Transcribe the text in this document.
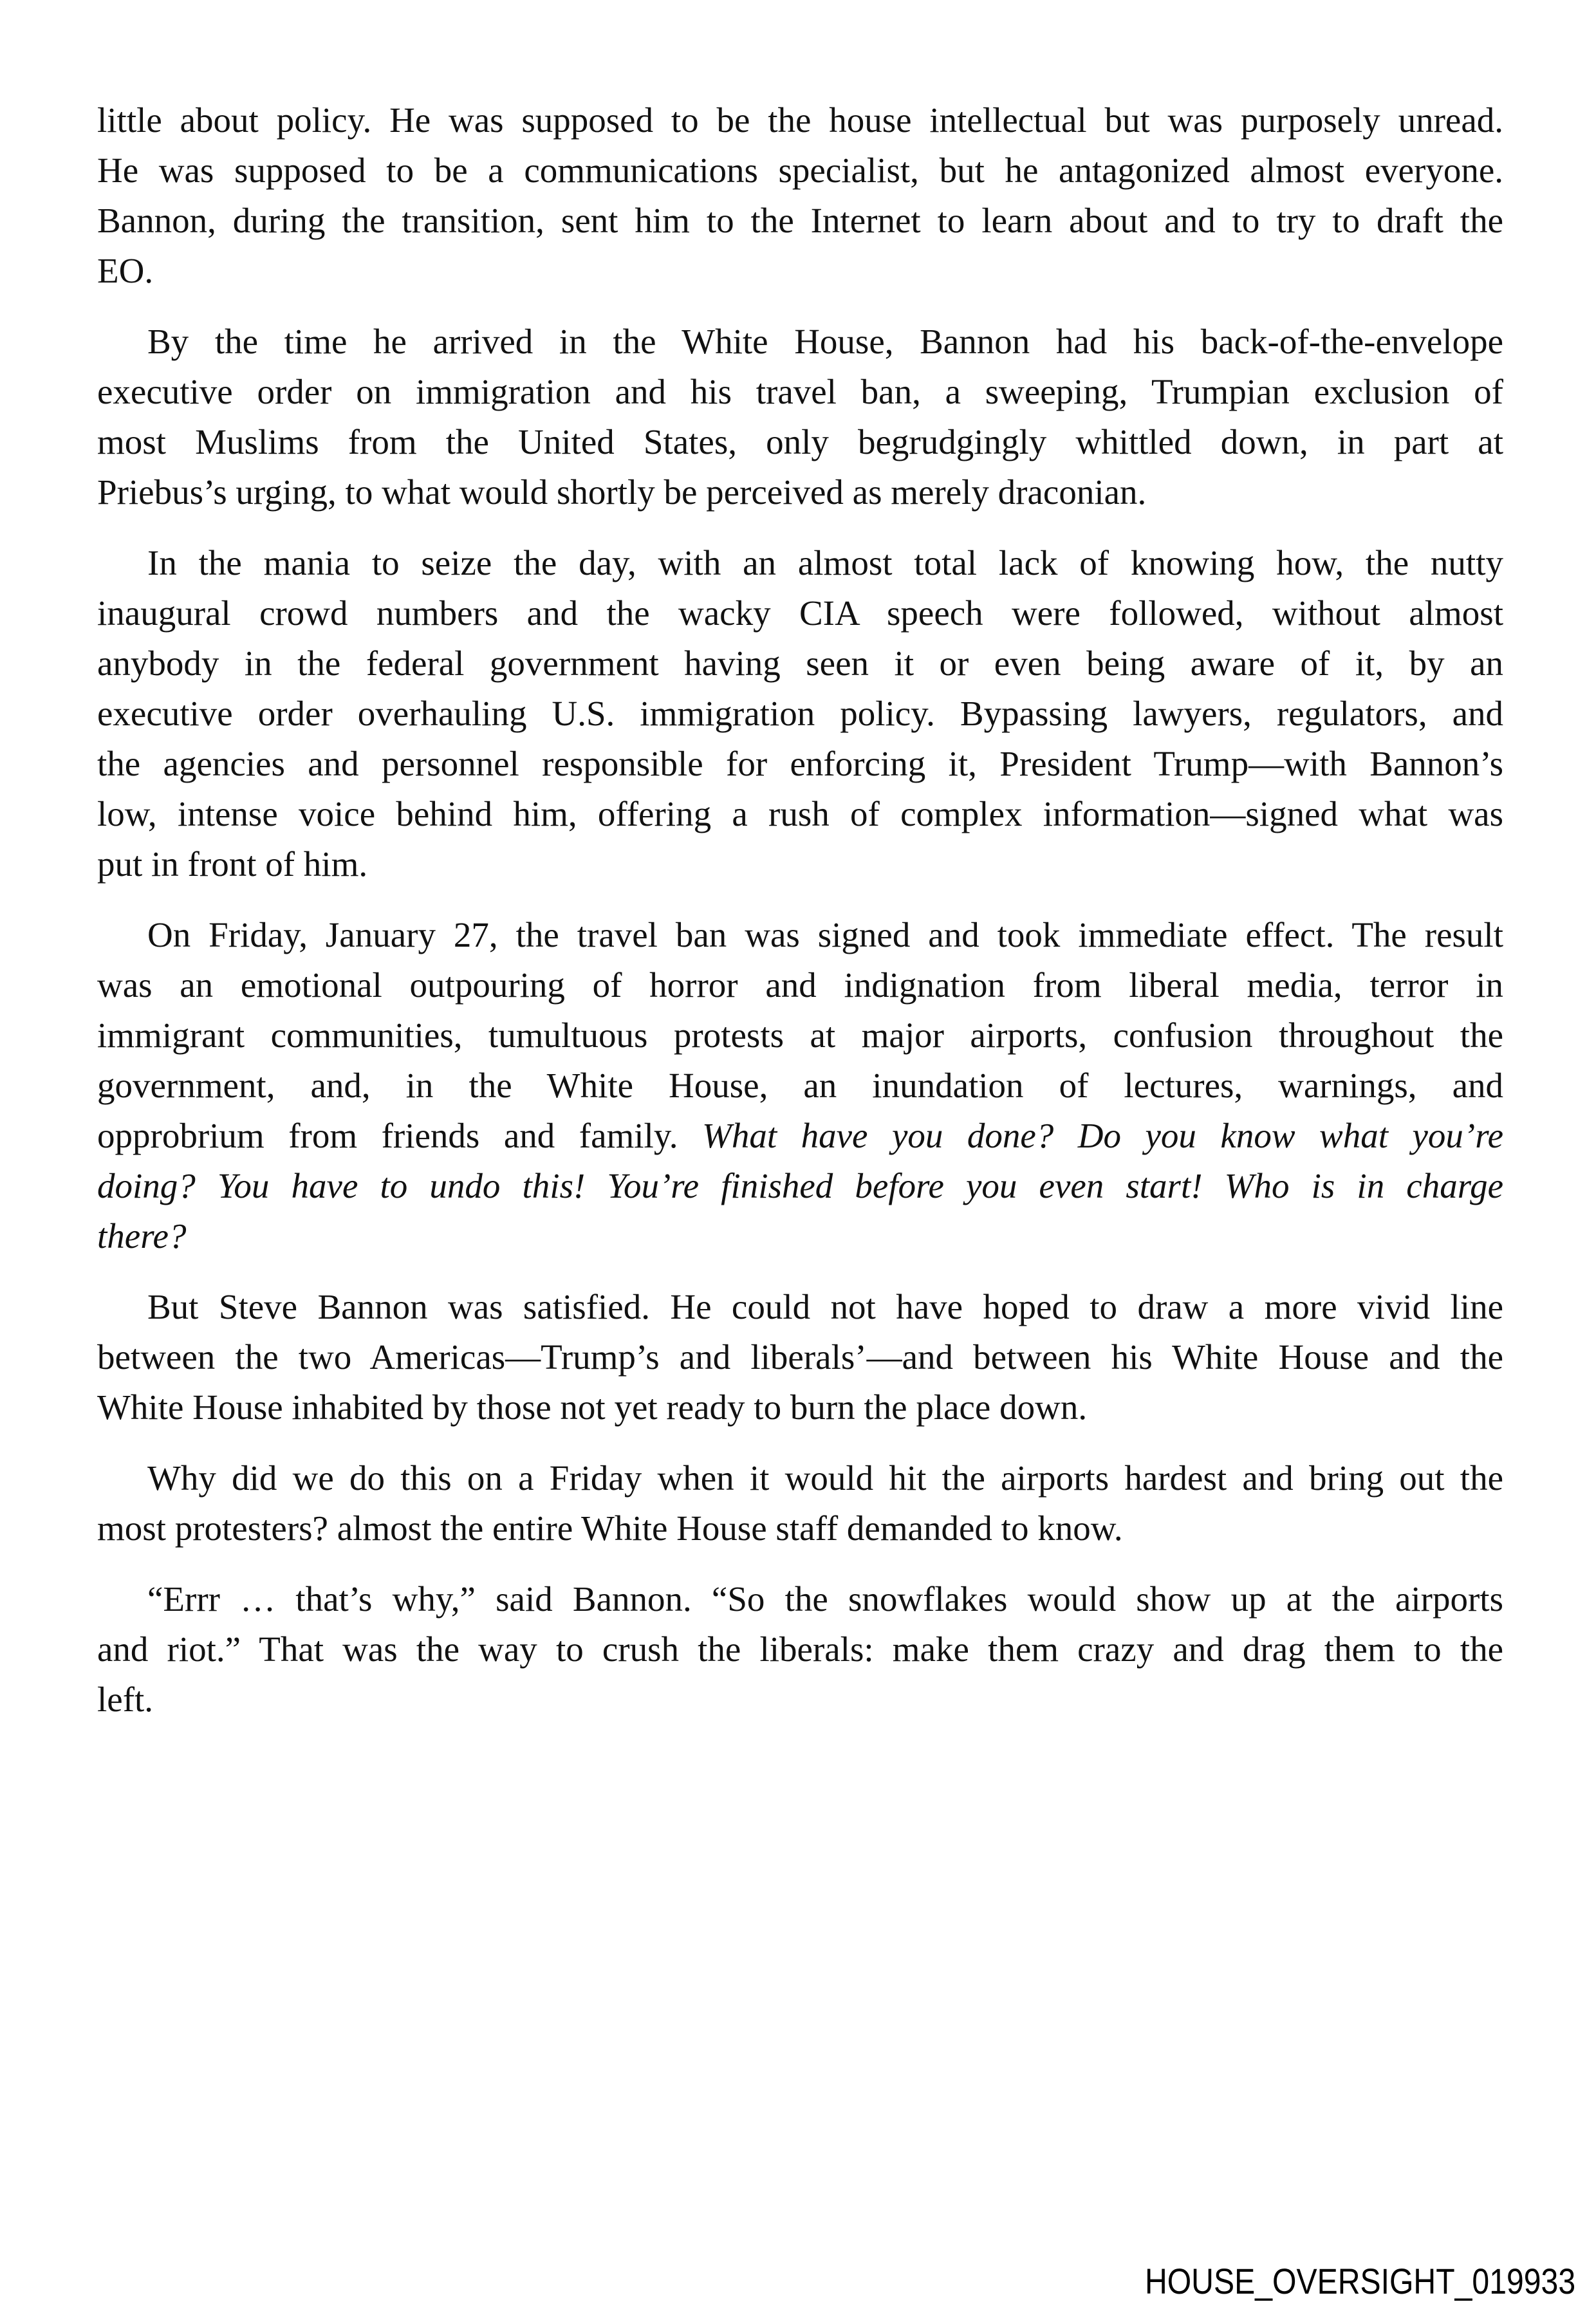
little about policy. He was supposed to be the house intellectual but was purposely unread.
He was supposed to be a communications specialist, but he antagonized almost everyone.
Bannon, during the transition, sent him to the Internet to learn about and to try to draft the
EO.
By the time he arrived in the White House, Bannon had his back-of-the-envelope
executive order on immigration and his travel ban, a sweeping, Trumpian exclusion of
most Muslims from the United States, only begrudgingly whittled down, in part at
Priebus’s urging, to what would shortly be perceived as merely draconian.
In the mania to seize the day, with an almost total lack of knowing how, the nutty
inaugural crowd numbers and the wacky CIA speech were followed, without almost
anybody in the federal government having seen it or even being aware of it, by an
executive order overhauling U.S. immigration policy. Bypassing lawyers, regulators, and
the agencies and personnel responsible for enforcing it, President Trump—with Bannon’s
low, intense voice behind him, offering a rush of complex information—signed what was
put in front of him.
On Friday, January 27, the travel ban was signed and took immediate effect. The result
was an emotional outpouring of horror and indignation from liberal media, terror in
immigrant communities, tumultuous protests at major airports, confusion throughout the
government, and, in the White House, an inundation of lectures, warnings, and
opprobrium from friends and family. What have you done? Do you know what you’re
doing? You have to undo this! You’re finished before you even start! Who is in charge
there?
But Steve Bannon was satisfied. He could not have hoped to draw a more vivid line
between the two Americas—Trump’s and liberals’—and between his White House and the
White House inhabited by those not yet ready to burn the place down.
Why did we do this on a Friday when it would hit the airports hardest and bring out the
most protesters? almost the entire White House staff demanded to know.
“Errr … that’s why,” said Bannon. “So the snowflakes would show up at the airports
and riot.” That was the way to crush the liberals: make them crazy and drag them to the
left.
HOUSE_OVERSIGHT_019933
